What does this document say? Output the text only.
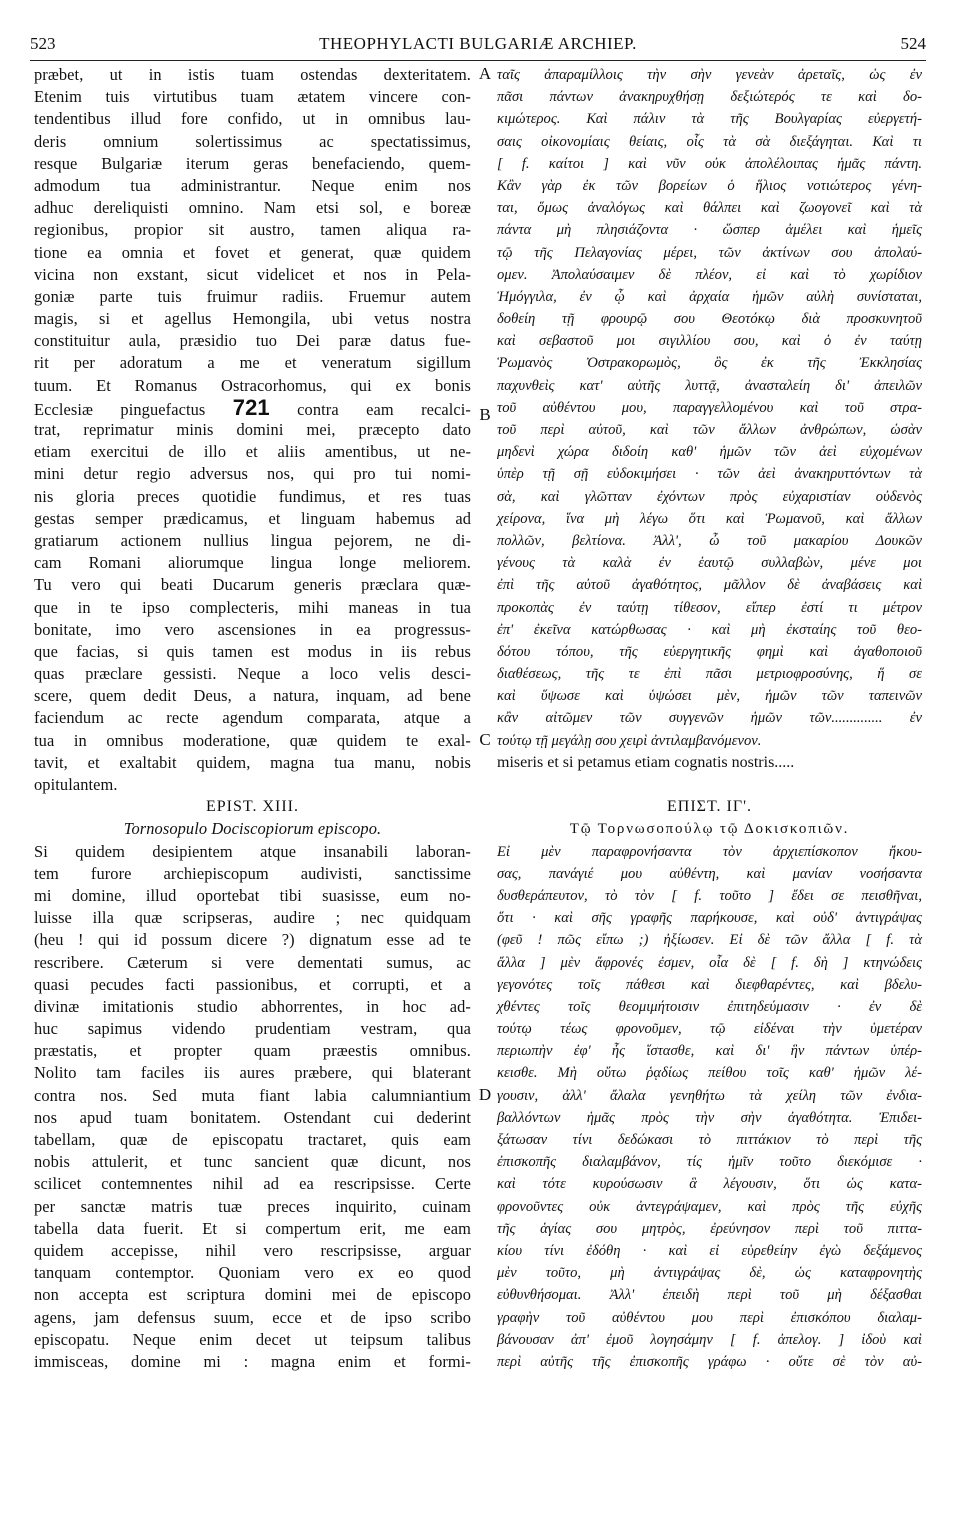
523	THEOPHYLACTI BULGARIÆ ARCHIEP.	524
præbet, ut in istis tuam ostendas dexteritatem.
Etenim tuis virtutibus tuam ætatem vincere con-
tendentibus illud fore confido, ut in omnibus lau-
deris omnium solertissimus ac spectatissimus,
resque Bulgariæ iterum geras benefaciendo, quem-
admodum tua administrantur. Neque enim nos
adhuc dereliquisti omnino. Nam etsi sol, e boreæ
regionibus, propior sit austro, tamen aliqua ra-
tione ea omnia et fovet et generat, quæ quidem
vicina non exstant, sicut videlicet et nos in Pela-
goniæ parte tuis fruimur radiis. Fruemur autem
magis, si et agellus Hemongila, ubi vetus nostra
constituitur aula, præsidio tuo Dei paræ datus fue-
rit per adoratum a me et veneratum sigillum
tuum. Et Romanus Ostracorhomus, qui ex bonis
Ecclesiæ pinguefactus 721 contra eam recalci-
trat, reprimatur minis domini mei, præcepto dato
etiam exercitui de illo et aliis amentibus, ut ne-
mini detur regio adversus nos, qui pro tui nomi-
nis gloria preces quotidie fundimus, et res tuas
gestas semper prædicamus, et linguam habemus ad
gratiarum actionem nullius lingua pejorem, ne di-
cam Romani aliorumque lingua longe meliorem.
Tu vero qui beati Ducarum generis præclara quæ-
que in te ipso complecteris, mihi maneas in tua
bonitate, imo vero ascensiones in ea progressus-
que facias, si quis tamen est modus in iis rebus
quas præclare gessisti. Neque a loco velis desci-
scere, quem dedit Deus, a natura, inquam, ad bene
faciendum ac recte agendum comparata, atque a
tua in omnibus moderatione, quæ quidem te exal-
tavit, et exaltabit quidem, magna tua manu, nobis
opitulantem.
EPIST. XIII.
Tornosopulo Dociscopiorum episcopo.
Si quidem desipientem atque insanabili laboran-
tem furore archiepiscopum audivisti, sanctissime
mi domine, illud oportebat tibi suasisse, eum no-
luisse illa quæ scripseras, audire ; nec quidquam
(heu ! qui id possum dicere ?) dignatum esse ad te
rescribere. Cæterum si vere dementati sumus, ac
quasi pecudes facti passionibus, et corrupti, et a
divinæ imitationis studio abhorrentes, in hoc ad-
huc sapimus videndo prudentiam vestram, qua
præstatis, et propter quam præestis omnibus.
Nolito tam faciles iis aures præbere, qui blaterant
contra nos. Sed muta fiant labia calumniantium
nos apud tuam bonitatem. Ostendant cui dederint
tabellam, quæ de episcopatu tractaret, quis eam
nobis attulerit, et tunc sancient quæ dicunt, nos
scilicet contemnentes nihil ad ea rescripsisse. Certe
per sanctæ matris tuæ preces inquirito, cuinam
tabella data fuerit. Et si compertum erit, me eam
quidem accepisse, nihil vero rescripsisse, arguar
tanquam contemptor. Quoniam vero ex eo quod
non accepta est scriptura domini mei de episcopo
agens, jam defensus suum, ecce et de ipso scribo
episcopatu. Neque enim decet ut teipsum talibus
immisceas, domine mi : magna enim et formi-
ταῖς ἀπαραμίλλοις τὴν σὴν γενεὰν ἀρεταῖς, ὡς ἐν
πᾶσι πάντων ἀνακηρυχθήσῃ δεξιώτερός τε καὶ δο-
κιμώτερος. Καὶ πάλιν τὰ τῆς Βουλγαρίας εὐεργετή-
σαις οἰκονομίαις θείαις, οἷς τὰ σὰ διεξάγηται. Καὶ τι
[ f. καίτοι ] καὶ νῦν οὐκ ἀπολέλοιπας ἡμᾶς πάντη.
Κἂν γὰρ ἐκ τῶν βορείων ὁ ἥλιος νοτιώτερος γένη-
ται, ὅμως ἀναλόγως καὶ θάλπει καὶ ζωογονεῖ καὶ τὰ
πάντα μὴ πλησιάζοντα · ὥσπερ ἀμέλει καὶ ἡμεῖς
τῷ τῆς Πελαγονίας μέρει, τῶν ἀκτίνων σου ἀπολαύ-
ομεν. Ἀπολαύσαιμεν δὲ πλέον, εἰ καὶ τὸ χωρίδιον
Ἡμόγγιλα, ἐν ᾧ καὶ ἀρχαία ἡμῶν αὐλὴ συνίσταται,
δοθείη τῇ φρουρῷ σου Θεοτόκῳ διὰ προσκυνητοῦ
καὶ σεβαστοῦ μοι σιγιλλίου σου, καὶ ὁ ἐν ταύτῃ
Ῥωμανὸς Ὀστρακορωμὸς, ὃς ἐκ τῆς Ἐκκλησίας
παχυνθεὶς κατ' αὐτῆς λυττᾷ, ἀνασταλείη δι' ἀπειλῶν
τοῦ αὐθέντου μου, παραγγελλομένου καὶ τοῦ στρα-
τοῦ περὶ αὐτοῦ, καὶ τῶν ἄλλων ἀνθρώπων, ὡσὰν
μηδενὶ χώρα διδοίη καθ' ἡμῶν τῶν ἀεὶ εὐχομένων
ὑπὲρ τῇ σῇ εὐδοκιμήσει · τῶν ἀεὶ ἀνακηρυττόντων τὰ
σὰ, καὶ γλῶτταν ἐχόντων πρὸς εὐχαριστίαν οὐδενὸς
χείρονα, ἵνα μὴ λέγω ὅτι καὶ Ῥωμανοῦ, καὶ ἄλλων
πολλῶν, βελτίονα. Ἀλλ', ὦ τοῦ μακαρίου Δουκῶν
γένους τὰ καλὰ ἐν ἑαυτῷ συλλαβὼν, μένε μοι
ἐπὶ τῆς αὐτοῦ ἀγαθότητος, μᾶλλον δὲ ἀναβάσεις καὶ
προκοπὰς ἐν ταύτῃ τίθεσον, εἴπερ ἐστί τι μέτρον
ἐπ' ἐκεῖνα κατώρθωσας · καὶ μὴ ἐκσταίης τοῦ θεο-
δότου τόπου, τῆς εὐεργητικῆς φημὶ καὶ ἀγαθοποιοῦ
διαθέσεως, τῆς τε ἐπὶ πᾶσι μετριοφροσύνης, ἥ σε
καὶ ὕψωσε καὶ ὑψώσει μὲν, ἡμῶν τῶν ταπεινῶν
κἂν αἰτῶμεν τῶν συγγενῶν ἡμῶν τῶν.............. ἐν
τούτῳ τῇ μεγάλῃ σου χειρὶ ἀντιλαμβανόμενον.
miseris et si petamus etiam cognatis nostris.....
ΕΠΙΣΤ. ΙΓ'.
Τῷ Τορνωσοπούλῳ τῷ Δοκισκοπιῶν.
Εἰ μὲν παραφρονήσαντα τὸν ἀρχιεπίσκοπον ἤκου-
σας, πανάγιέ μου αὐθέντη, καὶ μανίαν νοσήσαντα
δυσθεράπευτον, τὸ τὸν [ f. τοῦτο ] ἔδει σε πεισθῆναι,
ὅτι · καὶ σῆς γραφῆς παρήκουσε, καὶ οὐδ' ἀντιγράψας
(φεῦ ! πῶς εἴπω ;) ἠξίωσεν. Εἰ δὲ τῶν ἄλλα [ f. τὰ
ἄλλα ] μὲν ἄφρονές ἐσμεν, οἷα δὲ [ f. δὴ ] κτηνώδεις
γεγονότες τοῖς πάθεσι καὶ διεφθαρέντες, καὶ βδελυ-
χθέντες τοῖς θεομιμήτοισιν ἐπιτηδεύμασιν · ἐν δὲ
τούτῳ τέως φρονοῦμεν, τῷ εἰδέναι τὴν ὑμετέραν
περιωπὴν ἐφ' ἧς ἵστασθε, καὶ δι' ἣν πάντων ὑπέρ-
κεισθε. Μὴ οὕτω ῥᾳδίως πείθου τοῖς καθ' ἡμῶν λέ-
γουσιν, ἀλλ' ἄλαλα γενηθήτω τὰ χείλη τῶν ἐνδια-
βαλλόντων ἡμᾶς πρὸς τὴν σὴν ἀγαθότητα. Ἐπιδει-
ξάτωσαν τίνι δεδώκασι τὸ πιττάκιον τὸ περὶ τῆς
ἐπισκοπῆς διαλαμβάνον, τίς ἡμῖν τοῦτο διεκόμισε ·
καὶ τότε κυρούσωσιν ἃ λέγουσιν, ὅτι ὡς κατα-
φρονοῦντες οὐκ ἀντεγράψαμεν, καὶ πρὸς τῆς εὐχῆς
τῆς ἁγίας σου μητρὸς, ἐρεύνησον περὶ τοῦ πιττα-
κίου τίνι ἐδόθη · καὶ εἰ εὑρεθείην ἐγὼ δεξάμενος
μὲν τοῦτο, μὴ ἀντιγράψας δὲ, ὡς καταφρονητὴς
εὐθυνθήσομαι. Ἀλλ' ἐπειδὴ περὶ τοῦ μὴ δέξασθαι
γραφὴν τοῦ αὐθέντου μου περὶ ἐπισκόπου διαλαμ-
βάνουσαν ἀπ' ἐμοῦ λογησάμην [ f. ἀπελογ. ] ἰδοὺ καὶ
περὶ αὐτῆς τῆς ἐπισκοπῆς γράφω · οὔτε σὲ τὸν αὐ-
A
B
C
D
